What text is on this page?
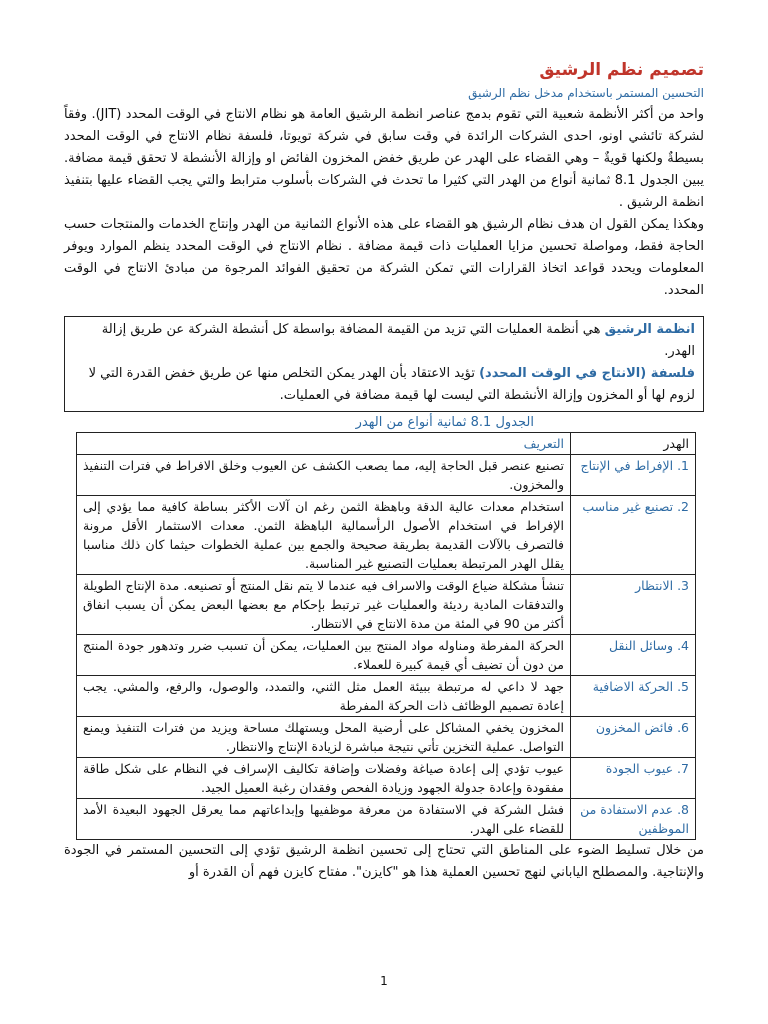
تصميم نظم الرشيق
التحسين المستمر باستخدام مدخل نظم الرشيق

واحد من أكثر الأنظمة شعبية التي تقوم بدمج عناصر انظمة الرشيق العامة هو نظام الانتاج في الوقت المحدد (JIT). وفقاً لشركة تائشي اونو، احدى الشركات الرائدة في وقت سابق في شركة تويوتا، فلسفة نظام الانتاج في الوقت المحدد بسيطةٌ ولكنها قويةٌ – وهي القضاء على الهدر عن طريق خفض المخزون الفائض او وإزالة الأنشطة لا تحقق قيمة مضافة. يبين الجدول 8.1 ثمانية أنواع من الهدر التي كثيرا ما تحدث في الشركات بأسلوب مترابط والتي يجب القضاء عليها بتنفيذ انظمة الرشيق .

وهكذا يمكن القول ان هدف نظام الرشيق هو القضاء على هذه الأنواع الثمانية من الهدر وإنتاج الخدمات والمنتجات حسب الحاجة فقط، ومواصلة تحسين مزايا العمليات ذات قيمة مضافة . نظام الانتاج في الوقت المحدد ينظم الموارد ويوفر المعلومات ويحدد قواعد اتخاذ القرارات التي تمكن الشركة من تحقيق الفوائد المرجوة من مبادئ الانتاج في الوقت المحدد.

انظمة الرشيق هي أنظمة العمليات التي تزيد من القيمة المضافة بواسطة كل أنشطة الشركة عن طريق إزالة الهدر.
فلسفة (الانتاج في الوقت المحدد) تؤيد الاعتقاد بأن الهدر يمكن التخلص منها عن طريق خفض القدرة التي لا لزوم لها أو المخزون وإزالة الأنشطة التي ليست لها قيمة مضافة في العمليات.
الجدول 8.1 ثمانية أنواع من الهدر
الهدر	التعريف
1. الإفراط في الإنتاج	تصنيع عنصر قبل الحاجة إليه، مما يصعب الكشف عن العيوب وخلق الافراط في فترات التنفيذ والمخزون.
2. تصنيع غير مناسب	استخدام معدات عالية الدقة وباهظة الثمن رغم ان آلات الأكثر بساطة كافية مما يؤدي إلى الإفراط في استخدام الأصول الرأسمالية الباهظة الثمن. معدات الاستثمار الأقل مرونة فالتصرف بالآلات القديمة بطريقة صحيحة والجمع بين عملية الخطوات حيثما كان ذلك مناسبا يقلل الهدر المرتبطة بعمليات التصنيع غير المناسبة.
3. الانتظار	تنشأ مشكلة ضياع الوقت والاسراف فيه عندما لا يتم نقل المنتج أو تصنيعه. مدة الإنتاج الطويلة والتدفقات المادية رديئة والعمليات غير ترتبط بإحكام مع بعضها البعض يمكن أن يسبب انفاق أكثر من 90 في المئة من مدة الانتاج في الانتظار.
4. وسائل النقل	الحركة المفرطة ومناوله مواد المنتج بين العمليات، يمكن أن تسبب ضرر وتدهور جودة المنتج من دون أن تضيف أي قيمة كبيرة للعملاء.
5. الحركة الاضافية	جهد لا داعي له مرتبطة ببيئة العمل مثل الثني، والتمدد، والوصول، والرفع، والمشي. يجب إعادة تصميم الوظائف ذات الحركة المفرطة
6. فائض المخزون	المخزون يخفي المشاكل على أرضية المحل ويستهلك مساحة ويزيد من فترات التنفيذ ويمنع التواصل. عملية التخزين تأتي نتيجة مباشرة لزيادة الإنتاج والانتظار.
7. عيوب الجودة	عيوب تؤدي إلى إعادة صياغة وفضلات وإضافة تكاليف الإسراف في النظام على شكل طاقة مفقودة وإعادة جدولة الجهود وزيادة الفحص وفقدان رغبة العميل الجيد.
8. عدم الاستفادة من الموظفين	فشل الشركة في الاستفادة من معرفة موظفيها وإبداعاتهم مما يعرقل الجهود البعيدة الأمد للقضاء على الهدر.

من خلال تسليط الضوء على المناطق التي تحتاج إلى تحسين انظمة الرشيق تؤدي إلى التحسين المستمر في الجودة والإنتاجية. والمصطلح الياباني لنهج تحسين العملية هذا هو "كايزن". مفتاح كايزن فهم أن القدرة أو

1
